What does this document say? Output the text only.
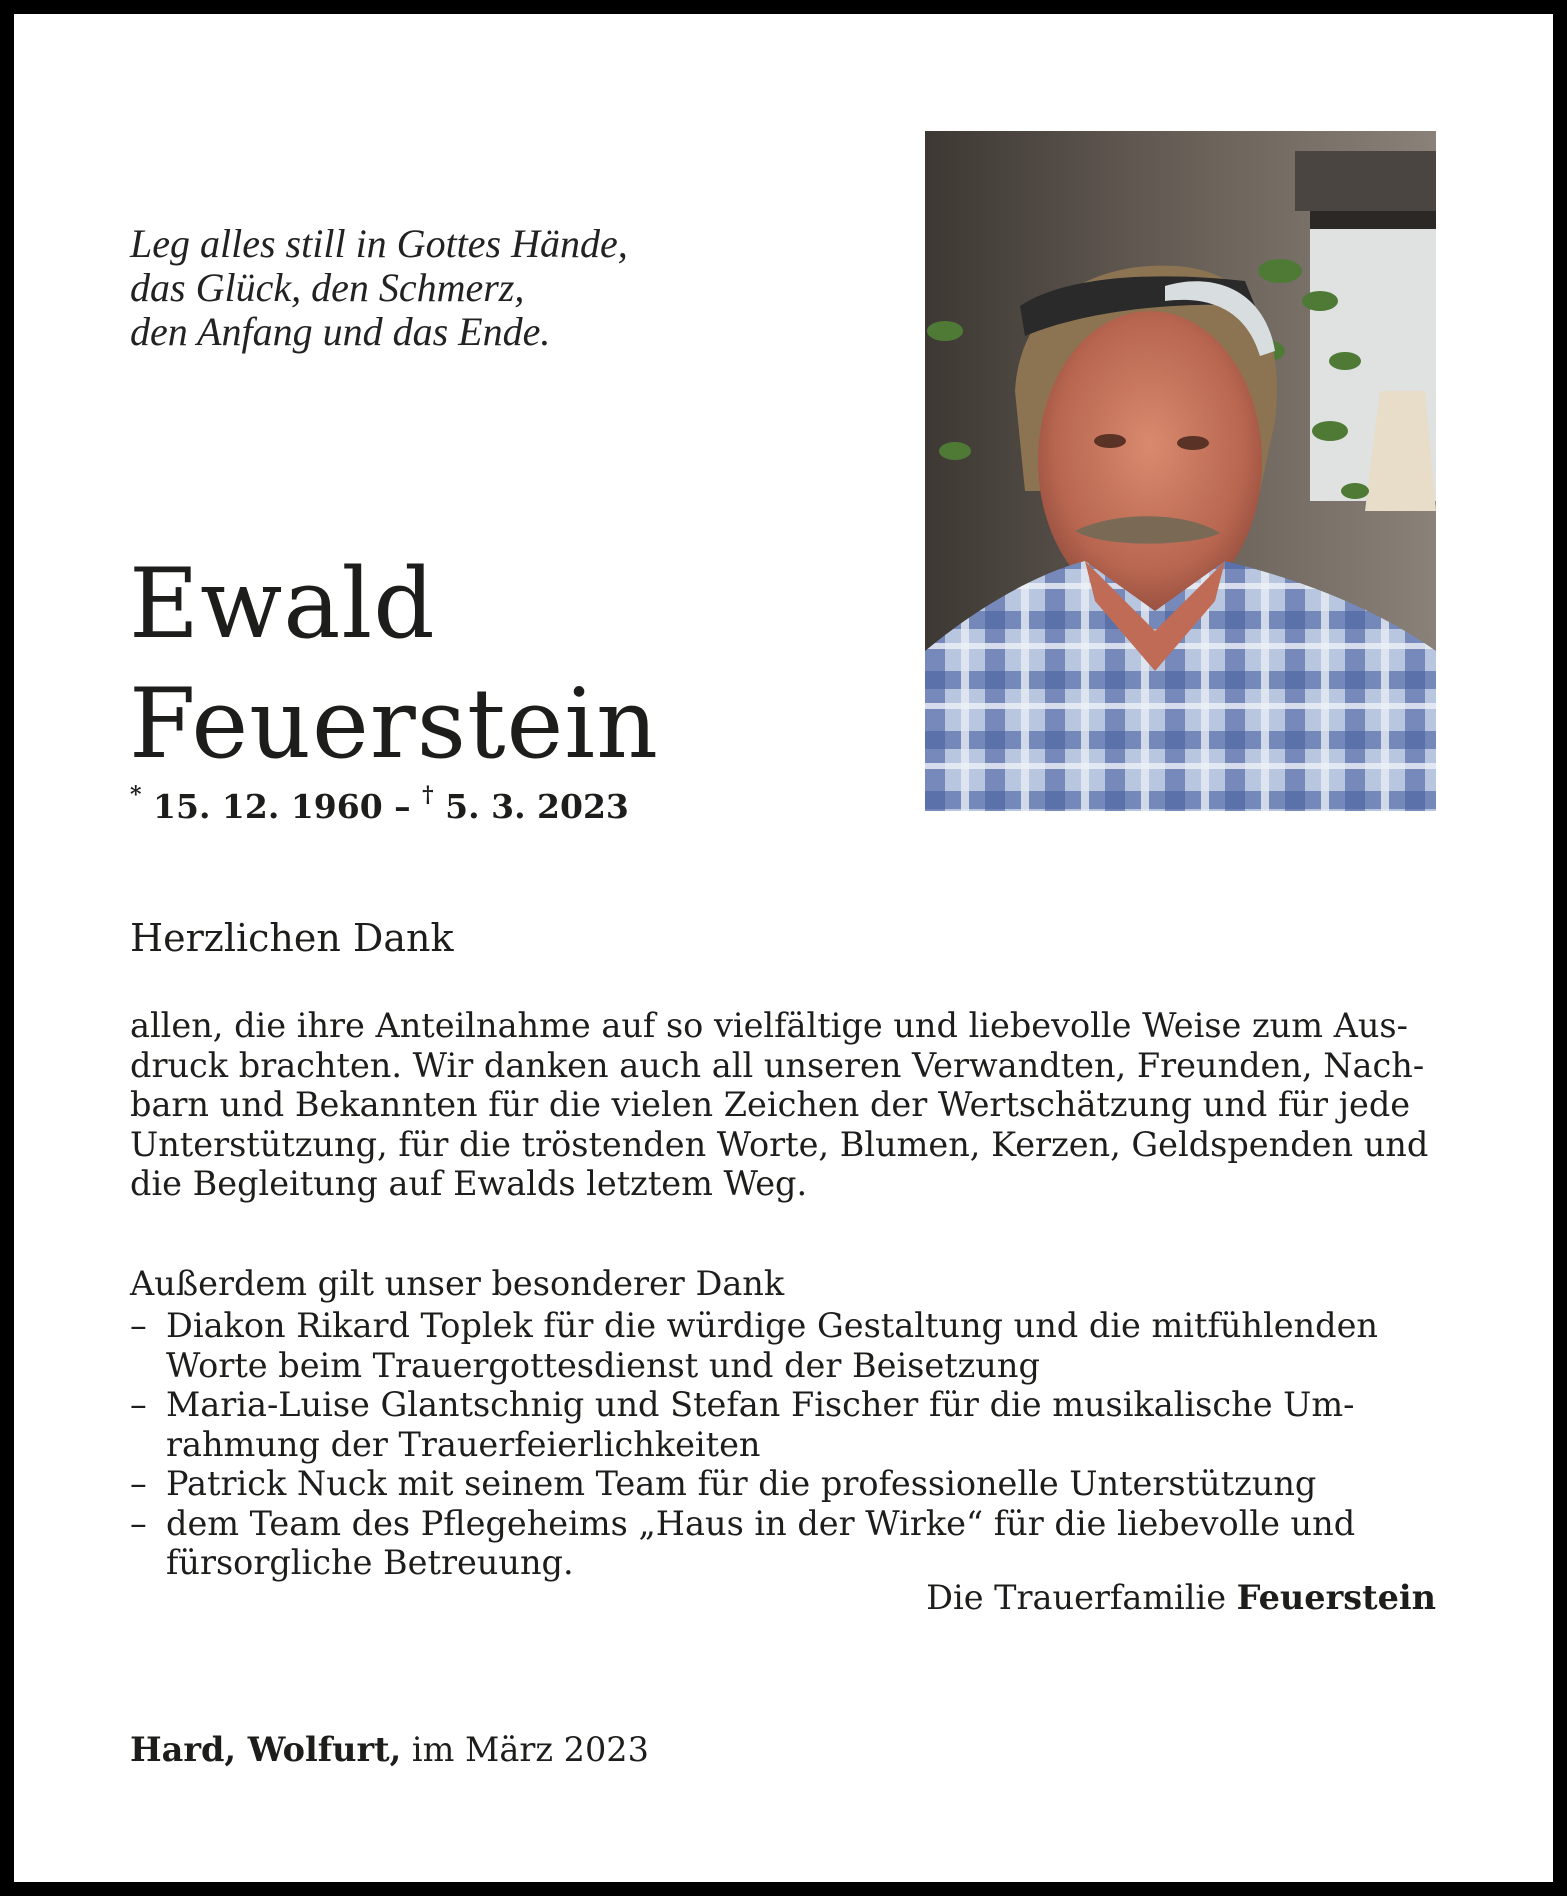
Leg alles still in Gottes Hände,
das Glück, den Schmerz,
den Anfang und das Ende.
Ewald
Feuerstein
* 15. 12. 1960 – † 5. 3. 2023
Herzlichen Dank
allen, die ihre Anteilnahme auf so vielfältige und liebevolle Weise zum Aus-
druck brachten. Wir danken auch all unseren Verwandten, Freunden, Nach-
barn und Bekannten für die vielen Zeichen der Wertschätzung und für jede
Unterstützung, für die tröstenden Worte, Blumen, Kerzen, Geldspenden und
die Begleitung auf Ewalds letztem Weg.
Außerdem gilt unser besonderer Dank
– Diakon Rikard Toplek für die würdige Gestaltung und die mitfühlenden
Worte beim Trauergottesdienst und der Beisetzung
– Maria-Luise Glantschnig und Stefan Fischer für die musikalische Um-
rahmung der Trauerfeierlichkeiten
– Patrick Nuck mit seinem Team für die professionelle Unterstützung
– dem Team des Pflegeheims „Haus in der Wirke“ für die liebevolle und
fürsorgliche Betreuung.
Die Trauerfamilie Feuerstein
Hard, Wolfurt, im März 2023
